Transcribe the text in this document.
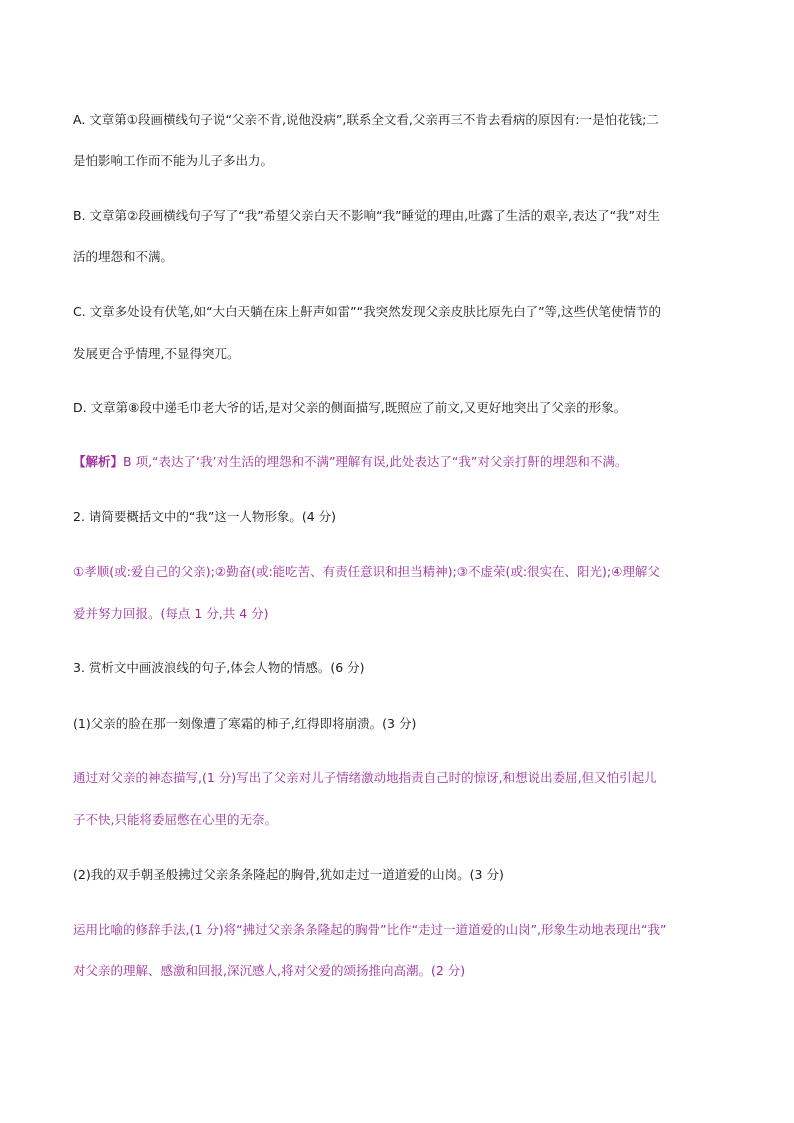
A. 文章第①段画横线句子说“父亲不肯,说他没病”,联系全文看,父亲再三不肯去看病的原因有:一是怕花钱;二
是怕影响工作而不能为儿子多出力。
B. 文章第②段画横线句子写了“我”希望父亲白天不影响“我”睡觉的理由,吐露了生活的艰辛,表达了“我”对生
活的埋怨和不满。
C. 文章多处设有伏笔,如“大白天躺在床上鼾声如雷”“我突然发现父亲皮肤比原先白了”等,这些伏笔使情节的
发展更合乎情理,不显得突兀。
D. 文章第⑧段中递毛巾老大爷的话,是对父亲的侧面描写,既照应了前文,又更好地突出了父亲的形象。
【解析】B 项,“表达了‘我’对生活的埋怨和不满”理解有误,此处表达了“我”对父亲打鼾的埋怨和不满。
2. 请简要概括文中的“我”这一人物形象。(4 分)
①孝顺(或:爱自己的父亲);②勤奋(或:能吃苦、有责任意识和担当精神);③不虚荣(或:很实在、阳光);④理解父
爱并努力回报。(每点 1 分,共 4 分)
3. 赏析文中画波浪线的句子,体会人物的情感。(6 分)
(1)父亲的脸在那一刻像遭了寒霜的柿子,红得即将崩溃。(3 分)
通过对父亲的神态描写,(1 分)写出了父亲对儿子情绪激动地指责自己时的惊讶,和想说出委屈,但又怕引起儿
子不快,只能将委屈憋在心里的无奈。
(2)我的双手朝圣般拂过父亲条条隆起的胸骨,犹如走过一道道爱的山岗。(3 分)
运用比喻的修辞手法,(1 分)将“拂过父亲条条隆起的胸骨”比作“走过一道道爱的山岗”,形象生动地表现出“我”
对父亲的理解、感激和回报,深沉感人,将对父爱的颂扬推向高潮。(2 分)
